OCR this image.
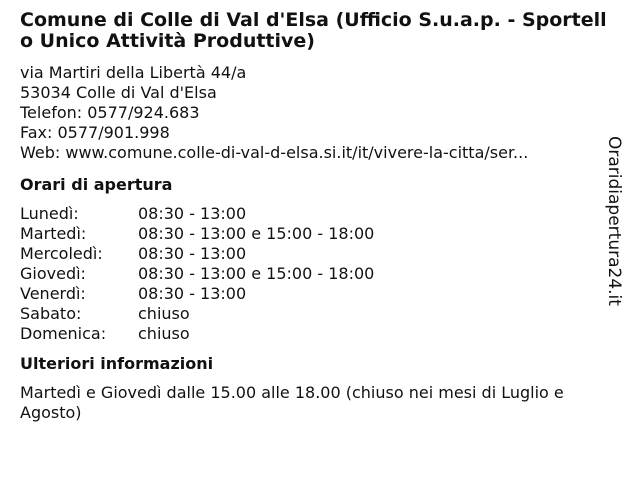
Comune di Colle di Val d'Elsa (Ufficio S.u.a.p. - Sportello Unico Attività Produttive)
via Martiri della Libertà 44/a
53034 Colle di Val d'Elsa
Telefon: 0577/924.683
Fax: 0577/901.998
Web: www.comune.colle-di-val-d-elsa.si.it/it/vivere-la-citta/ser...
Orari di apertura
Lunedì:	08:30 - 13:00
Martedì:	08:30 - 13:00 e 15:00 - 18:00
Mercoledì:	08:30 - 13:00
Giovedì:	08:30 - 13:00 e 15:00 - 18:00
Venerdì:	08:30 - 13:00
Sabato:	chiuso
Domenica:	chiuso
Ulteriori informazioni
Martedì e Giovedì dalle 15.00 alle 18.00 (chiuso nei mesi di Luglio e Agosto)
Oraridiapertura24.it
